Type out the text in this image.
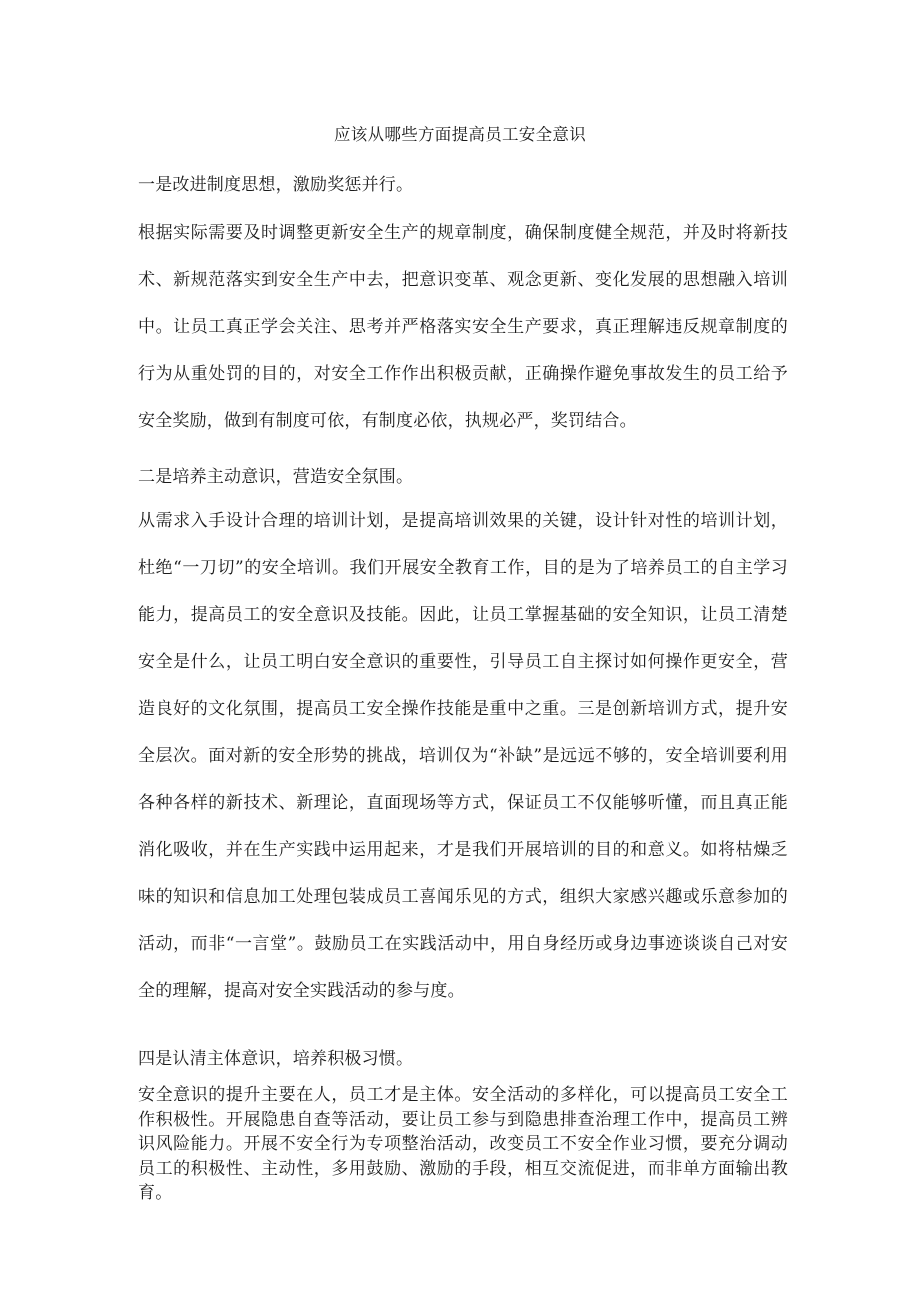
应该从哪些方面提高员工安全意识
一是改进制度思想，激励奖惩并行。
根据实际需要及时调整更新安全生产的规章制度，确保制度健全规范，并及时将新技术、新规范落实到安全生产中去，把意识变革、观念更新、变化发展的思想融入培训中。让员工真正学会关注、思考并严格落实安全生产要求，真正理解违反规章制度的行为从重处罚的目的，对安全工作作出积极贡献，正确操作避免事故发生的员工给予安全奖励，做到有制度可依，有制度必依，执规必严，奖罚结合。
二是培养主动意识，营造安全氛围。
从需求入手设计合理的培训计划，是提高培训效果的关键，设计针对性的培训计划，杜绝“一刀切”的安全培训。我们开展安全教育工作，目的是为了培养员工的自主学习能力，提高员工的安全意识及技能。因此，让员工掌握基础的安全知识，让员工清楚安全是什么，让员工明白安全意识的重要性，引导员工自主探讨如何操作更安全，营造良好的文化氛围，提高员工安全操作技能是重中之重。三是创新培训方式，提升安全层次。面对新的安全形势的挑战，培训仅为“补缺”是远远不够的，安全培训要利用各种各样的新技术、新理论，直面现场等方式，保证员工不仅能够听懂，而且真正能消化吸收，并在生产实践中运用起来，才是我们开展培训的目的和意义。如将枯燥乏味的知识和信息加工处理包装成员工喜闻乐见的方式，组织大家感兴趣或乐意参加的活动，而非“一言堂”。鼓励员工在实践活动中，用自身经历或身边事迹谈谈自己对安全的理解，提高对安全实践活动的参与度。
四是认清主体意识，培养积极习惯。
安全意识的提升主要在人，员工才是主体。安全活动的多样化，可以提高员工安全工作积极性。开展隐患自查等活动，要让员工参与到隐患排查治理工作中，提高员工辨识风险能力。开展不安全行为专项整治活动，改变员工不安全作业习惯，要充分调动员工的积极性、主动性，多用鼓励、激励的手段，相互交流促进，而非单方面输出教育。
